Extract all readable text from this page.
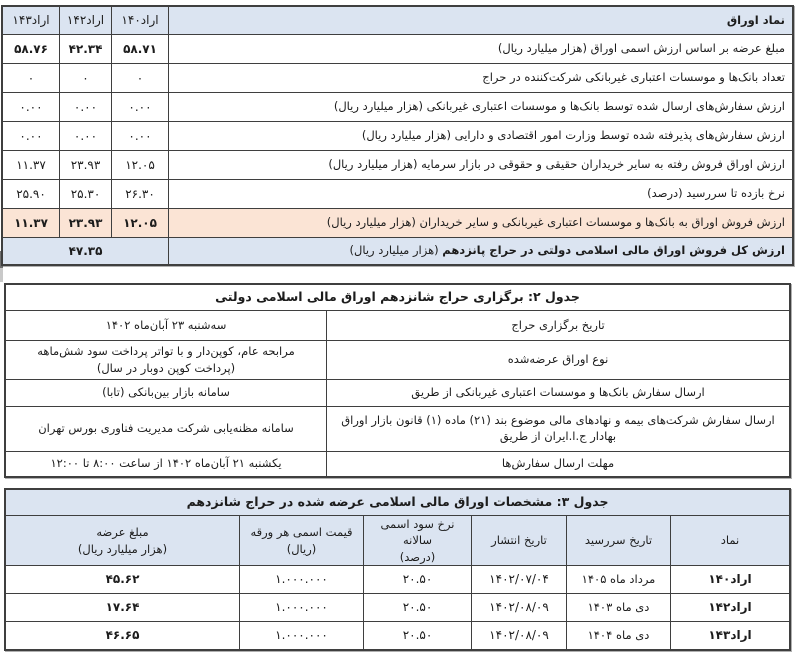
نماد اوراق
اراد۱۴۰
اراد۱۴۲
اراد۱۴۳
مبلغ عرضه بر اساس ارزش اسمی اوراق (هزار میلیارد ریال)
۵۸.۷۱
۴۲.۳۴
۵۸.۷۶
تعداد بانک‌ها و موسسات اعتباری غیربانکی شرکت‌کننده در حراج
۰
۰
۰
ارزش سفارش‌های ارسال شده توسط بانک‌ها و موسسات اعتباری غیربانکی (هزار میلیارد ریال)
۰.۰۰
۰.۰۰
۰.۰۰
ارزش سفارش‌های پذیرفته شده توسط وزارت امور اقتصادی و دارایی (هزار میلیارد ریال)
۰.۰۰
۰.۰۰
۰.۰۰
ارزش اوراق فروش رفته به سایر خریداران حقیقی و حقوقی در بازار سرمایه (هزار میلیارد ریال)
۱۲.۰۵
۲۳.۹۳
۱۱.۳۷
نرخ بازده تا سررسید (درصد)
۲۶.۳۰
۲۵.۳۰
۲۵.۹۰
ارزش فروش اوراق به بانک‌ها و موسسات اعتباری غیربانکی و سایر خریداران (هزار میلیارد ریال)
۱۲.۰۵
۲۳.۹۳
۱۱.۳۷
ارزش کل فروش اوراق مالی اسلامی دولتی در حراج پانزدهم

(هزار میلیارد ریال)
۴۷.۳۵
جدول ۲: برگزاری حراج شانزدهم اوراق مالی اسلامی دولتی
تاریخ برگزاری حراج
سه‌شنبه ۲۳ آبان‌ماه ۱۴۰۲
نوع اوراق عرضه‌شده
مرابحه عام، کوپن‌دار و با تواتر پرداخت سود شش‌ماهه
(پرداخت کوپن دوبار در سال)
ارسال سفارش بانک‌ها و موسسات اعتباری غیربانکی از طریق
سامانه بازار بین‌بانکی (تابا)
ارسال سفارش شرکت‌های بیمه و نهادهای مالی موضوع بند (۲۱) ماده (۱) قانون بازار اوراق بهادار ج.ا.ایران از طریق
سامانه مظنه‌یابی شرکت مدیریت فناوری بورس تهران
مهلت ارسال سفارش‌ها
یکشنبه ۲۱ آبان‌ماه ۱۴۰۲ از ساعت ۸:۰۰ تا ۱۲:۰۰
جدول ۳: مشخصات اوراق مالی اسلامی عرضه شده در حراج شانزدهم
نماد
تاریخ سررسید
تاریخ انتشار
نرخ سود اسمی سالانه
(درصد)
قیمت اسمی هر ورقه
(ریال)
مبلغ عرضه
(هزار میلیارد ریال)
اراد۱۴۰
مرداد ماه ۱۴۰۵
۱۴۰۲/۰۷/۰۴
۲۰.۵۰
۱.۰۰۰.۰۰۰
۴۵.۶۲
اراد۱۴۲
دی ماه ۱۴۰۳
۱۴۰۲/۰۸/۰۹
۲۰.۵۰
۱.۰۰۰.۰۰۰
۱۷.۶۴
اراد۱۴۳
دی ماه ۱۴۰۴
۱۴۰۲/۰۸/۰۹
۲۰.۵۰
۱.۰۰۰.۰۰۰
۴۶.۶۵
